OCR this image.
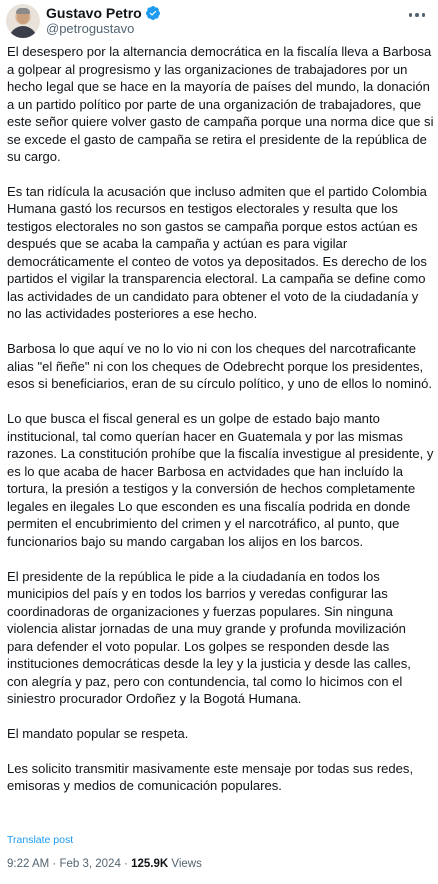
Gustavo Petro
@petrogustavo

El desespero por la alternancia democrática en la fiscalía lleva a Barbosa a golpear al progresismo y las organizaciones de trabajadores por un hecho legal que se hace en la mayoría de países del mundo, la donación a un partido político por parte de una organización de trabajadores, que este señor quiere volver gasto de campaña porque una norma dice que si se excede el gasto de campaña se retira el presidente de la república de su cargo.

Es tan ridícula la acusación que incluso admiten que el partido Colombia Humana gastó los recursos en testigos electorales y resulta que los testigos electorales no son gastos se campaña porque estos actúan es después que se acaba la campaña y actúan es para vigilar democráticamente el conteo de votos ya depositados. Es derecho de los partidos el vigilar la transparencia electoral. La campaña se define como las actividades de un candidato para obtener el voto de la ciudadanía y no las actividades posteriores a ese hecho.

Barbosa lo que aquí ve no lo vio ni con los cheques del narcotraficante alias "el ñeñe" ni con los cheques de Odebrecht porque los presidentes, esos si beneficiarios, eran de su círculo político, y uno de ellos lo nominó.

Lo que busca el fiscal general es un golpe de estado bajo manto institucional, tal como querían hacer en Guatemala y por las mismas razones. La constitución prohíbe que la fiscalía investigue al presidente, y es lo que acaba de hacer Barbosa en actvidades que han incluído la tortura, la presión a testigos y la conversión de hechos completamente legales en ilegales Lo que esconden es una fiscalía podrida en donde permiten el encubrimiento del crimen y el narcotráfico, al punto, que funcionarios bajo su mando cargaban los alijos en los barcos.

El presidente de la república le pide a la ciudadanía en todos los municipios del país y en todos los barrios y veredas configurar las coordinadoras de organizaciones y fuerzas populares. Sin ninguna violencia alistar jornadas de una muy grande y profunda movilización para defender el voto popular. Los golpes se responden desde las instituciones democráticas desde la ley y la justicia y desde las calles, con alegría y paz, pero con contundencia, tal como lo hicimos con el siniestro procurador Ordoñez y la Bogotá Humana.

El mandato popular se respeta.

Les solicito transmitir masivamente este mensaje por todas sus redes, emisoras y medios de comunicación populares.

Translate post
9:22 AM · Feb 3, 2024 · 125.9K Views
